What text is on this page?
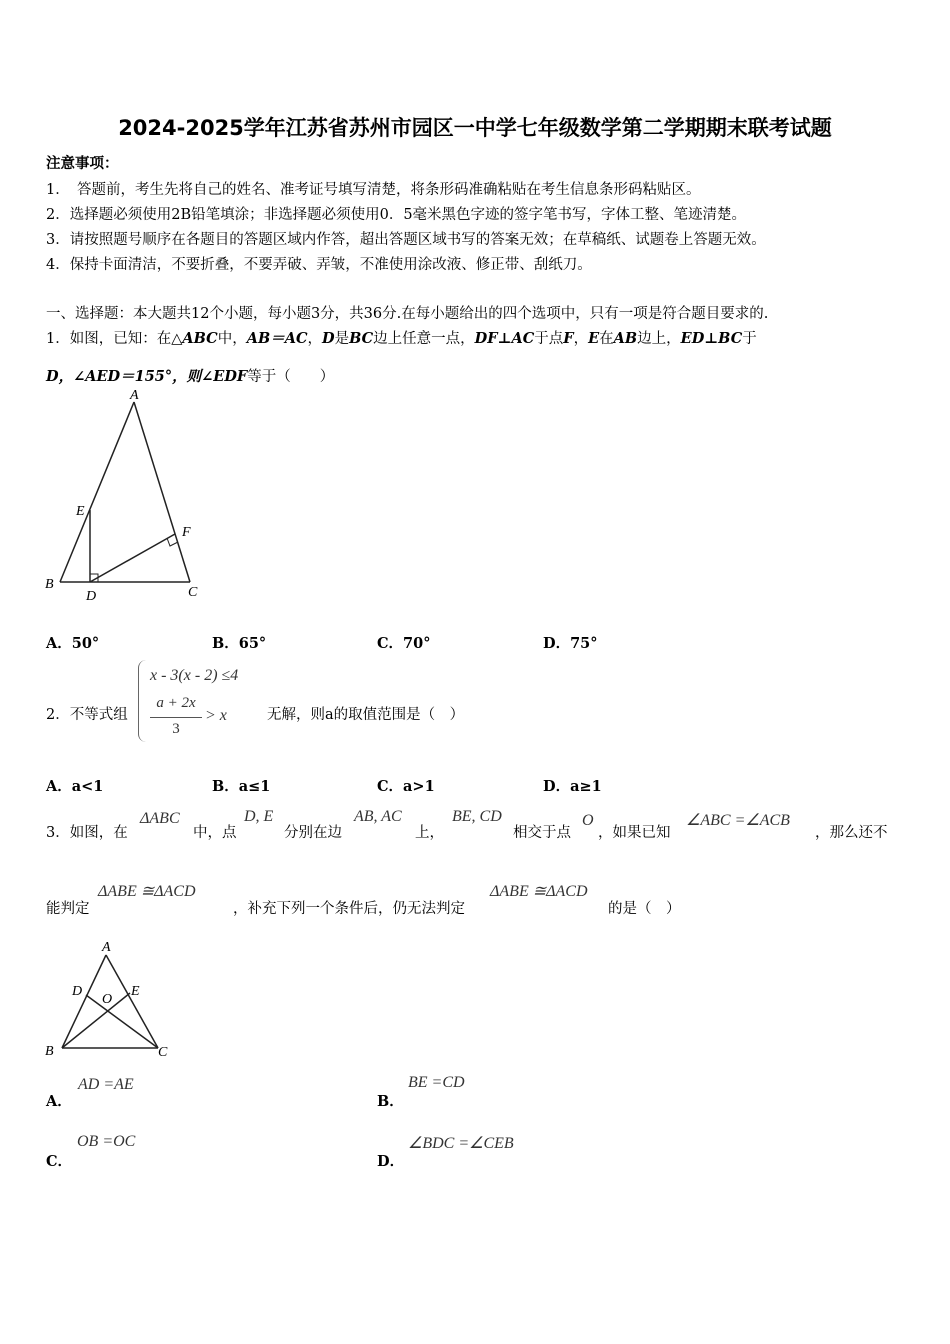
2024-2025学年江苏省苏州市园区一中学七年级数学第二学期期末联考试题
注意事项：
1．　答题前，考生先将自己的姓名、准考证号填写清楚，将条形码准确粘贴在考生信息条形码粘贴区。
2．选择题必须使用2B铅笔填涂；非选择题必须使用0．5毫米黑色字迹的签字笔书写，字体工整、笔迹清楚。
3．请按照题号顺序在各题目的答题区域内作答，超出答题区域书写的答案无效；在草稿纸、试题卷上答题无效。
4．保持卡面清洁，不要折叠，不要弄破、弄皱，不准使用涂改液、修正带、刮纸刀。
一、选择题：本大题共12个小题，每小题3分，共36分.在每小题给出的四个选项中，只有一项是符合题目要求的.
1．如图，已知：在△ABC中，AB＝AC，D是BC边上任意一点，DF⊥AC于点F，E在AB边上，ED⊥BC于
D，∠AED＝155°，则∠EDF等于（　　）
A
B
C
D
E
F
A．50°	B．65°	C．70°	D．75°
2．不等式组
x - 3(x - 2) ≤4
a + 2x
3
> x	无解，则a的取值范围是（　）
A．a<1	B．a≤1	C．a>1	D．a≥1
3．如图，在
ΔABC
中，点
D, E
分别在边
AB, AC
上，
BE, CD
相交于点
O
，如果已知
∠ABC =∠ACB
，那么还不
能判定
ΔABE ≅ΔACD
，补充下列一个条件后，仍无法判定
ΔABE ≅ΔACD
的是（　）
A
B	C
D	E
O
A．
AD =AE
B．
BE =CD
C．
OB =OC
D．
∠BDC =∠CEB
